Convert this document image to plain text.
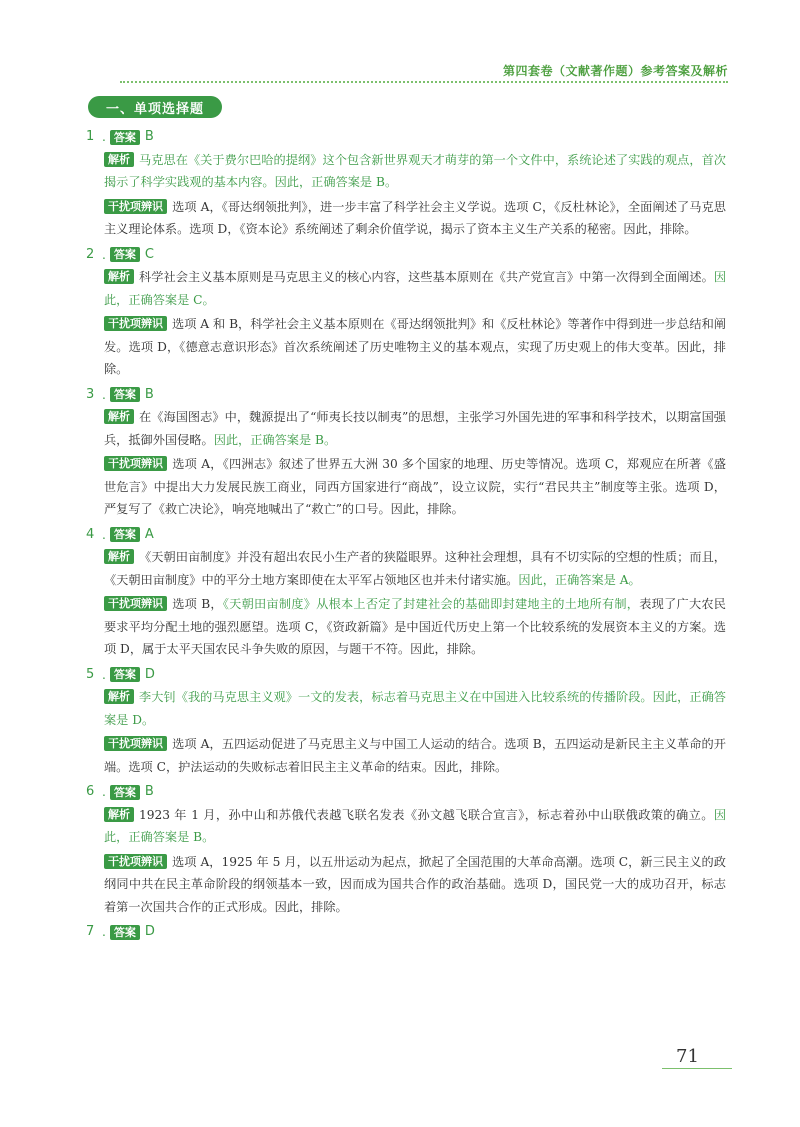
第四套卷（文献著作题）参考答案及解析
一、单项选择题
1 . 答案 B

解析 马克思在《关于费尔巴哈的提纲》这个包含新世界观天才萌芽的第一个文件中，系统论述了实践的观点，首次揭示了科学实践观的基本内容。因此，正确答案是 B。

干扰项辨识 选项 A，《哥达纲领批判》，进一步丰富了科学社会主义学说。选项 C，《反杜林论》，全面阐述了马克思主义理论体系。选项 D，《资本论》系统阐述了剩余价值学说，揭示了资本主义生产关系的秘密。因此，排除。

2 . 答案 C

解析 科学社会主义基本原则是马克思主义的核心内容，这些基本原则在《共产党宣言》中第一次得到全面阐述。因此，正确答案是 C。

干扰项辨识 选项 A 和 B，科学社会主义基本原则在《哥达纲领批判》和《反杜林论》等著作中得到进一步总结和阐发。选项 D，《德意志意识形态》首次系统阐述了历史唯物主义的基本观点，实现了历史观上的伟大变革。因此，排除。

3 . 答案 B

解析 在《海国图志》中，魏源提出了“师夷长技以制夷”的思想，主张学习外国先进的军事和科学技术，以期富国强兵，抵御外国侵略。因此，正确答案是 B。

干扰项辨识 选项 A，《四洲志》叙述了世界五大洲 30 多个国家的地理、历史等情况。选项 C，郑观应在所著《盛世危言》中提出大力发展民族工商业，同西方国家进行“商战”，设立议院，实行“君民共主”制度等主张。选项 D，严复写了《救亡决论》，响亮地喊出了“救亡”的口号。因此，排除。

4 . 答案 A

解析 《天朝田亩制度》并没有超出农民小生产者的狭隘眼界。这种社会理想，具有不切实际的空想的性质；而且，《天朝田亩制度》中的平分土地方案即使在太平军占领地区也并未付诸实施。因此，正确答案是 A。

干扰项辨识 选项 B，《天朝田亩制度》从根本上否定了封建社会的基础即封建地主的土地所有制，表现了广大农民要求平均分配土地的强烈愿望。选项 C，《资政新篇》是中国近代历史上第一个比较系统的发展资本主义的方案。选项 D，属于太平天国农民斗争失败的原因，与题干不符。因此，排除。

5 . 答案 D

解析 李大钊《我的马克思主义观》一文的发表，标志着马克思主义在中国进入比较系统的传播阶段。因此，正确答案是 D。

干扰项辨识 选项 A，五四运动促进了马克思主义与中国工人运动的结合。选项 B，五四运动是新民主主义革命的开端。选项 C，护法运动的失败标志着旧民主主义革命的结束。因此，排除。

6 . 答案 B

解析 1923 年 1 月，孙中山和苏俄代表越飞联名发表《孙文越飞联合宣言》，标志着孙中山联俄政策的确立。因此，正确答案是 B。

干扰项辨识 选项 A，1925 年 5 月，以五卅运动为起点，掀起了全国范围的大革命高潮。选项 C，新三民主义的政纲同中共在民主革命阶段的纲领基本一致，因而成为国共合作的政治基础。选项 D，国民党一大的成功召开，标志着第一次国共合作的正式形成。因此，排除。

7 . 答案 D
71
